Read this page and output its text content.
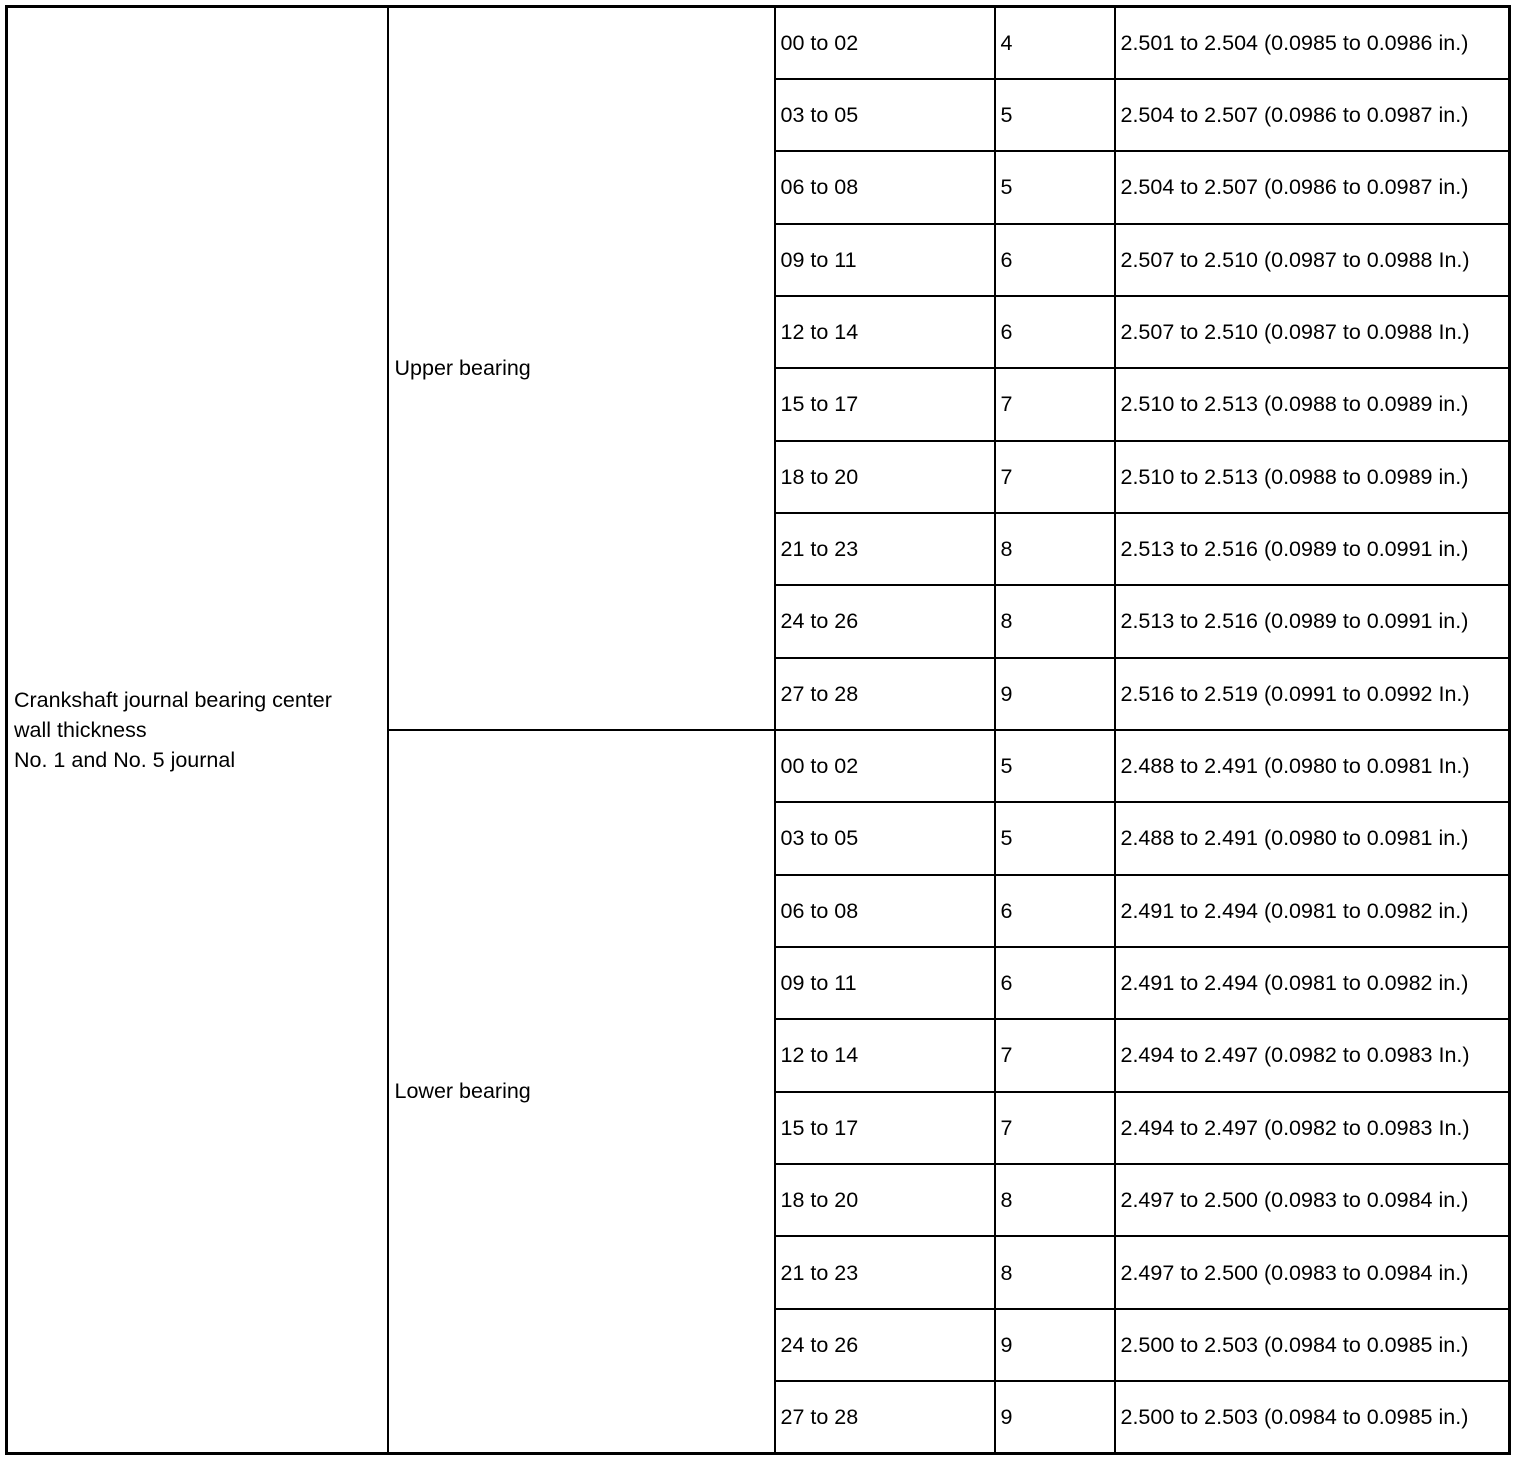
Crankshaft journal bearing center
wall thickness
No. 1 and No. 5 journal	Upper bearing	00 to 02	4	2.501 to 2.504 (0.0985 to 0.0986 in.)
		03 to 05	5	2.504 to 2.507 (0.0986 to 0.0987 in.)
		06 to 08	5	2.504 to 2.507 (0.0986 to 0.0987 in.)
		09 to 11	6	2.507 to 2.510 (0.0987 to 0.0988 In.)
		12 to 14	6	2.507 to 2.510 (0.0987 to 0.0988 In.)
		15 to 17	7	2.510 to 2.513 (0.0988 to 0.0989 in.)
		18 to 20	7	2.510 to 2.513 (0.0988 to 0.0989 in.)
		21 to 23	8	2.513 to 2.516 (0.0989 to 0.0991 in.)
		24 to 26	8	2.513 to 2.516 (0.0989 to 0.0991 in.)
		27 to 28	9	2.516 to 2.519 (0.0991 to 0.0992 In.)
	Lower bearing	00 to 02	5	2.488 to 2.491 (0.0980 to 0.0981 In.)
		03 to 05	5	2.488 to 2.491 (0.0980 to 0.0981 in.)
		06 to 08	6	2.491 to 2.494 (0.0981 to 0.0982 in.)
		09 to 11	6	2.491 to 2.494 (0.0981 to 0.0982 in.)
		12 to 14	7	2.494 to 2.497 (0.0982 to 0.0983 In.)
		15 to 17	7	2.494 to 2.497 (0.0982 to 0.0983 In.)
		18 to 20	8	2.497 to 2.500 (0.0983 to 0.0984 in.)
		21 to 23	8	2.497 to 2.500 (0.0983 to 0.0984 in.)
		24 to 26	9	2.500 to 2.503 (0.0984 to 0.0985 in.)
		27 to 28	9	2.500 to 2.503 (0.0984 to 0.0985 in.)
